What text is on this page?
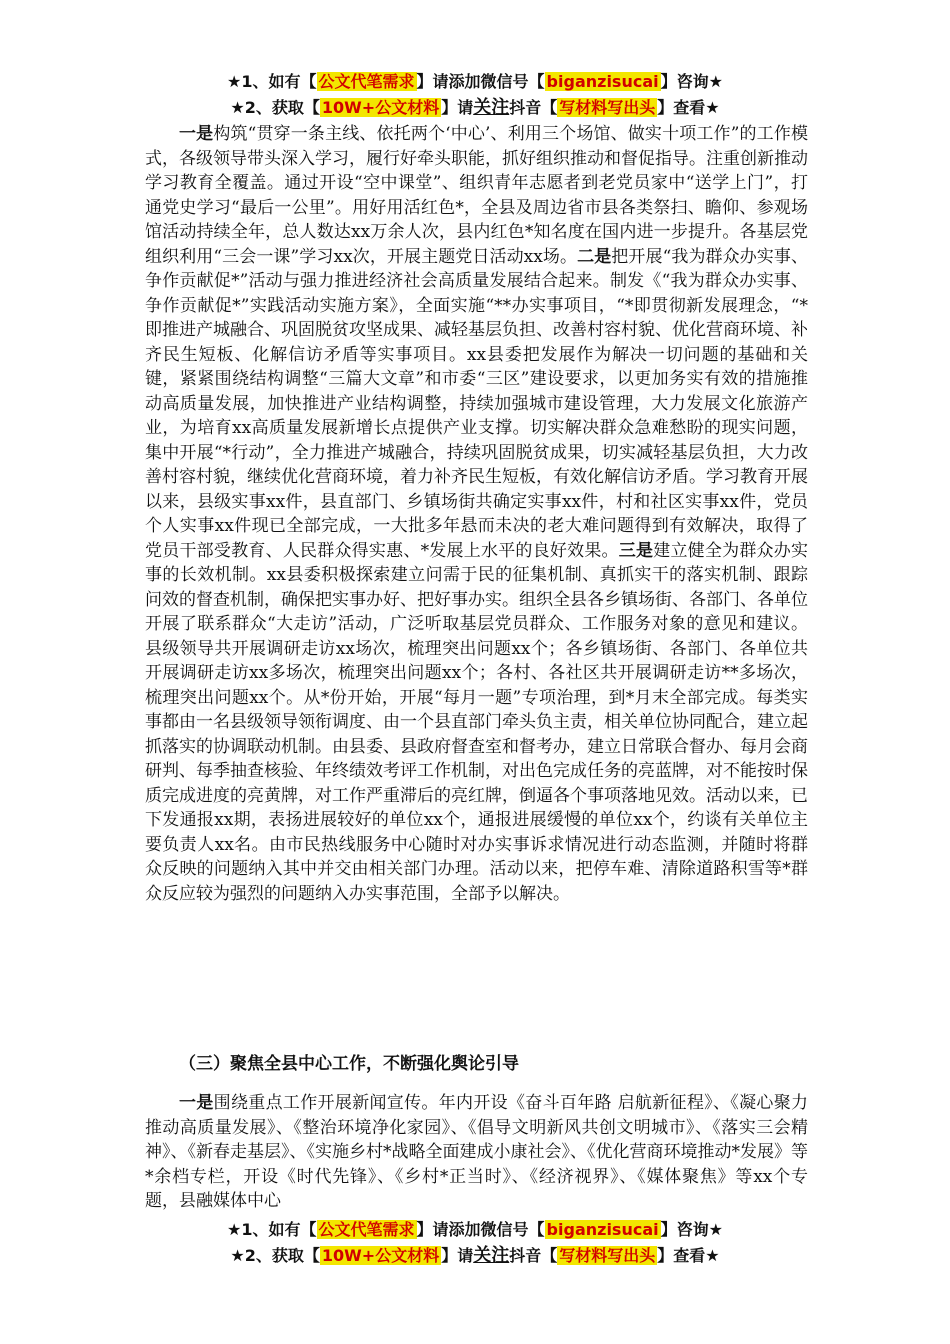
★1、如有【 公文代笔需求 】请添加微信号【 biganzisucai 】咨询★
★2、获取【 10W+公文材料 】请关注抖音【 写材料写出头 】查看★

一是构筑“贯穿一条主线、依托两个‘中心’、利用三个场馆、做实十项工作”的工作模式，各级领导带头深入学习，履行好牵头职能，抓好组织推动和督促指导。注重创新推动学习教育全覆盖。通过开设“空中课堂”、组织青年志愿者到老党员家中“送学上门”，打通党史学习“最后一公里”。用好用活红色*，全县及周边省市县各类祭扫、瞻仰、参观场馆活动持续全年，总人数达xx万余人次，县内红色*知名度在国内进一步提升。各基层党组织利用“三会一课”学习xx次，开展主题党日活动xx场。二是把开展“我为群众办实事、争作贡献促*”活动与强力推进经济社会高质量发展结合起来。制发《“我为群众办实事、争作贡献促*”实践活动实施方案》，全面实施“**办实事项目，“*即贯彻新发展理念，“*即推进产城融合、巩固脱贫攻坚成果、减轻基层负担、改善村容村貌、优化营商环境、补齐民生短板、化解信访矛盾等实事项目。xx县委把发展作为解决一切问题的基础和关键，紧紧围绕结构调整“三篇大文章”和市委“三区”建设要求，以更加务实有效的措施推动高质量发展，加快推进产业结构调整，持续加强城市建设管理，大力发展文化旅游产业，为培育xx高质量发展新增长点提供产业支撑。切实解决群众急难愁盼的现实问题，集中开展“*行动”，全力推进产城融合，持续巩固脱贫成果，切实减轻基层负担，大力改善村容村貌，继续优化营商环境，着力补齐民生短板，有效化解信访矛盾。学习教育开展以来，县级实事xx件，县直部门、乡镇场街共确定实事xx件，村和社区实事xx件，党员个人实事xx件现已全部完成，一大批多年悬而未决的老大难问题得到有效解决，取得了党员干部受教育、人民群众得实惠、*发展上水平的良好效果。三是建立健全为群众办实事的长效机制。xx县委积极探索建立问需于民的征集机制、真抓实干的落实机制、跟踪问效的督查机制，确保把实事办好、把好事办实。组织全县各乡镇场街、各部门、各单位开展了联系群众“大走访”活动，广泛听取基层党员群众、工作服务对象的意见和建议。县级领导共开展调研走访xx场次，梳理突出问题xx个；各乡镇场街、各部门、各单位共开展调研走访xx多场次，梳理突出问题xx个；各村、各社区共开展调研走访**多场次，梳理突出问题xx个。从*份开始，开展“每月一题”专项治理，到*月末全部完成。每类实事都由一名县级领导领衔调度、由一个县直部门牵头负主责，相关单位协同配合，建立起抓落实的协调联动机制。由县委、县政府督查室和督考办，建立日常联合督办、每月会商研判、每季抽查核验、年终绩效考评工作机制，对出色完成任务的亮蓝牌，对不能按时保质完成进度的亮黄牌，对工作严重滞后的亮红牌，倒逼各个事项落地见效。活动以来，已下发通报xx期，表扬进展较好的单位xx个，通报进展缓慢的单位xx个，约谈有关单位主要负责人xx名。由市民热线服务中心随时对办实事诉求情况进行动态监测，并随时将群众反映的问题纳入其中并交由相关部门办理。活动以来，把停车难、清除道路积雪等*群众反应较为强烈的问题纳入办实事范围，全部予以解决。

（三）聚焦全县中心工作，不断强化舆论引导

一是围绕重点工作开展新闻宣传。年内开设《奋斗百年路 启航新征程》、《凝心聚力推动高质量发展》、《整治环境净化家园》、《倡导文明新风共创文明城市》、《落实三会精神》、《新春走基层》、《实施乡村*战略全面建成小康社会》、《优化营商环境推动*发展》等*余档专栏，开设《时代先锋》、《乡村*正当时》、《经济视界》、《媒体聚焦》等xx个专题，县融媒体中心

★1、如有【 公文代笔需求 】请添加微信号【 biganzisucai 】咨询★
★2、获取【 10W+公文材料 】请关注抖音【 写材料写出头 】查看★
